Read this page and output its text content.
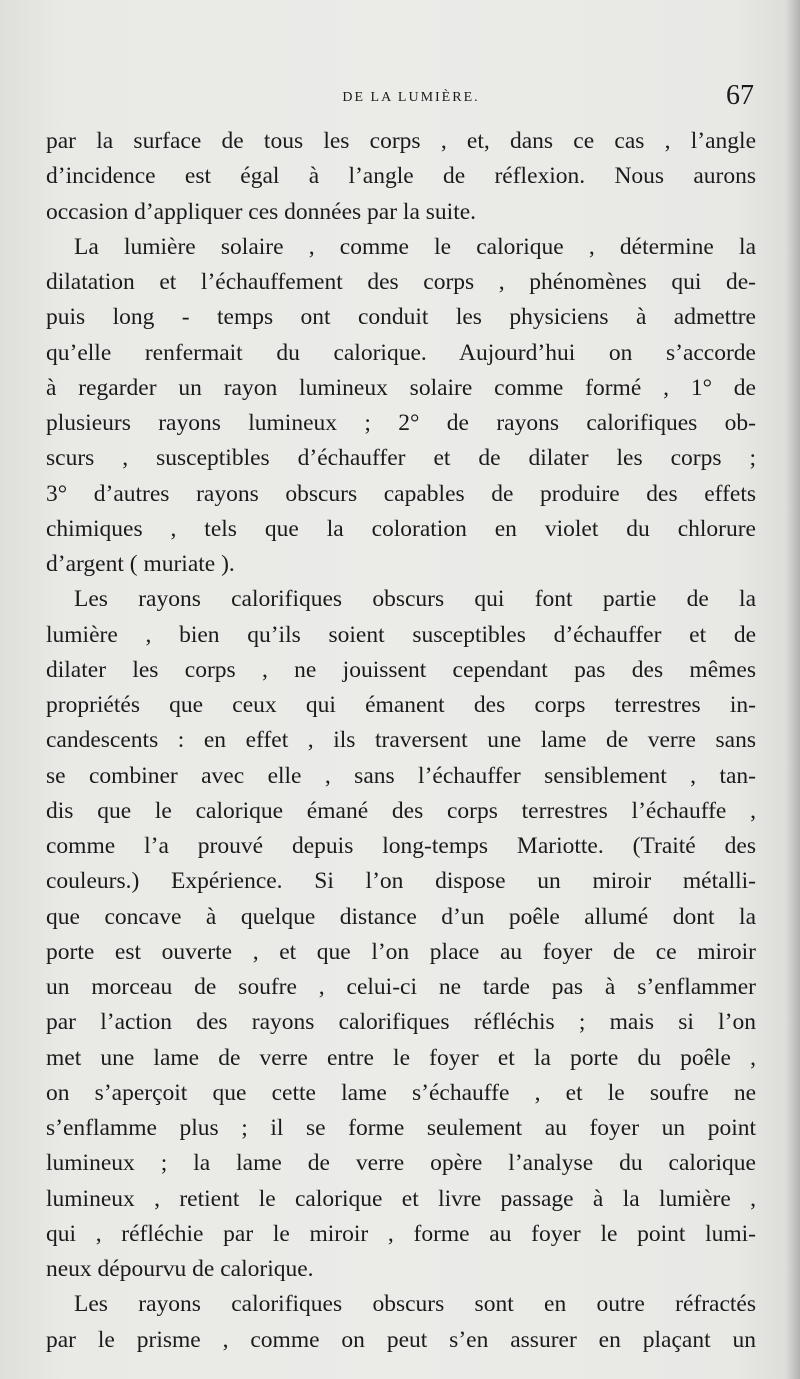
DE LA LUMIÈRE.	67
par la surface de tous les corps , et, dans ce cas , l’angle
d’incidence est égal à l’angle de réflexion. Nous aurons
occasion d’appliquer ces données par la suite.
La lumière solaire , comme le calorique , détermine la
dilatation et l’échauffement des corps , phénomènes qui de-
puis long - temps ont conduit les physiciens à admettre
qu’elle renfermait du calorique. Aujourd’hui on s’accorde
à regarder un rayon lumineux solaire comme formé , 1° de
plusieurs rayons lumineux ; 2° de rayons calorifiques ob-
scurs , susceptibles d’échauffer et de dilater les corps ;
3° d’autres rayons obscurs capables de produire des effets
chimiques , tels que la coloration en violet du chlorure
d’argent ( muriate ).
Les rayons calorifiques obscurs qui font partie de la
lumière , bien qu’ils soient susceptibles d’échauffer et de
dilater les corps , ne jouissent cependant pas des mêmes
propriétés que ceux qui émanent des corps terrestres in-
candescents : en effet , ils traversent une lame de verre sans
se combiner avec elle , sans l’échauffer sensiblement , tan-
dis que le calorique émané des corps terrestres l’échauffe ,
comme l’a prouvé depuis long-temps Mariotte. (Traité des
couleurs.) Expérience. Si l’on dispose un miroir métalli-
que concave à quelque distance d’un poêle allumé dont la
porte est ouverte , et que l’on place au foyer de ce miroir
un morceau de soufre , celui-ci ne tarde pas à s’enflammer
par l’action des rayons calorifiques réfléchis ; mais si l’on
met une lame de verre entre le foyer et la porte du poêle ,
on s’aperçoit que cette lame s’échauffe , et le soufre ne
s’enflamme plus ; il se forme seulement au foyer un point
lumineux ; la lame de verre opère l’analyse du calorique
lumineux , retient le calorique et livre passage à la lumière ,
qui , réfléchie par le miroir , forme au foyer le point lumi-
neux dépourvu de calorique.
Les rayons calorifiques obscurs sont en outre réfractés
par le prisme , comme on peut s’en assurer en plaçant un
